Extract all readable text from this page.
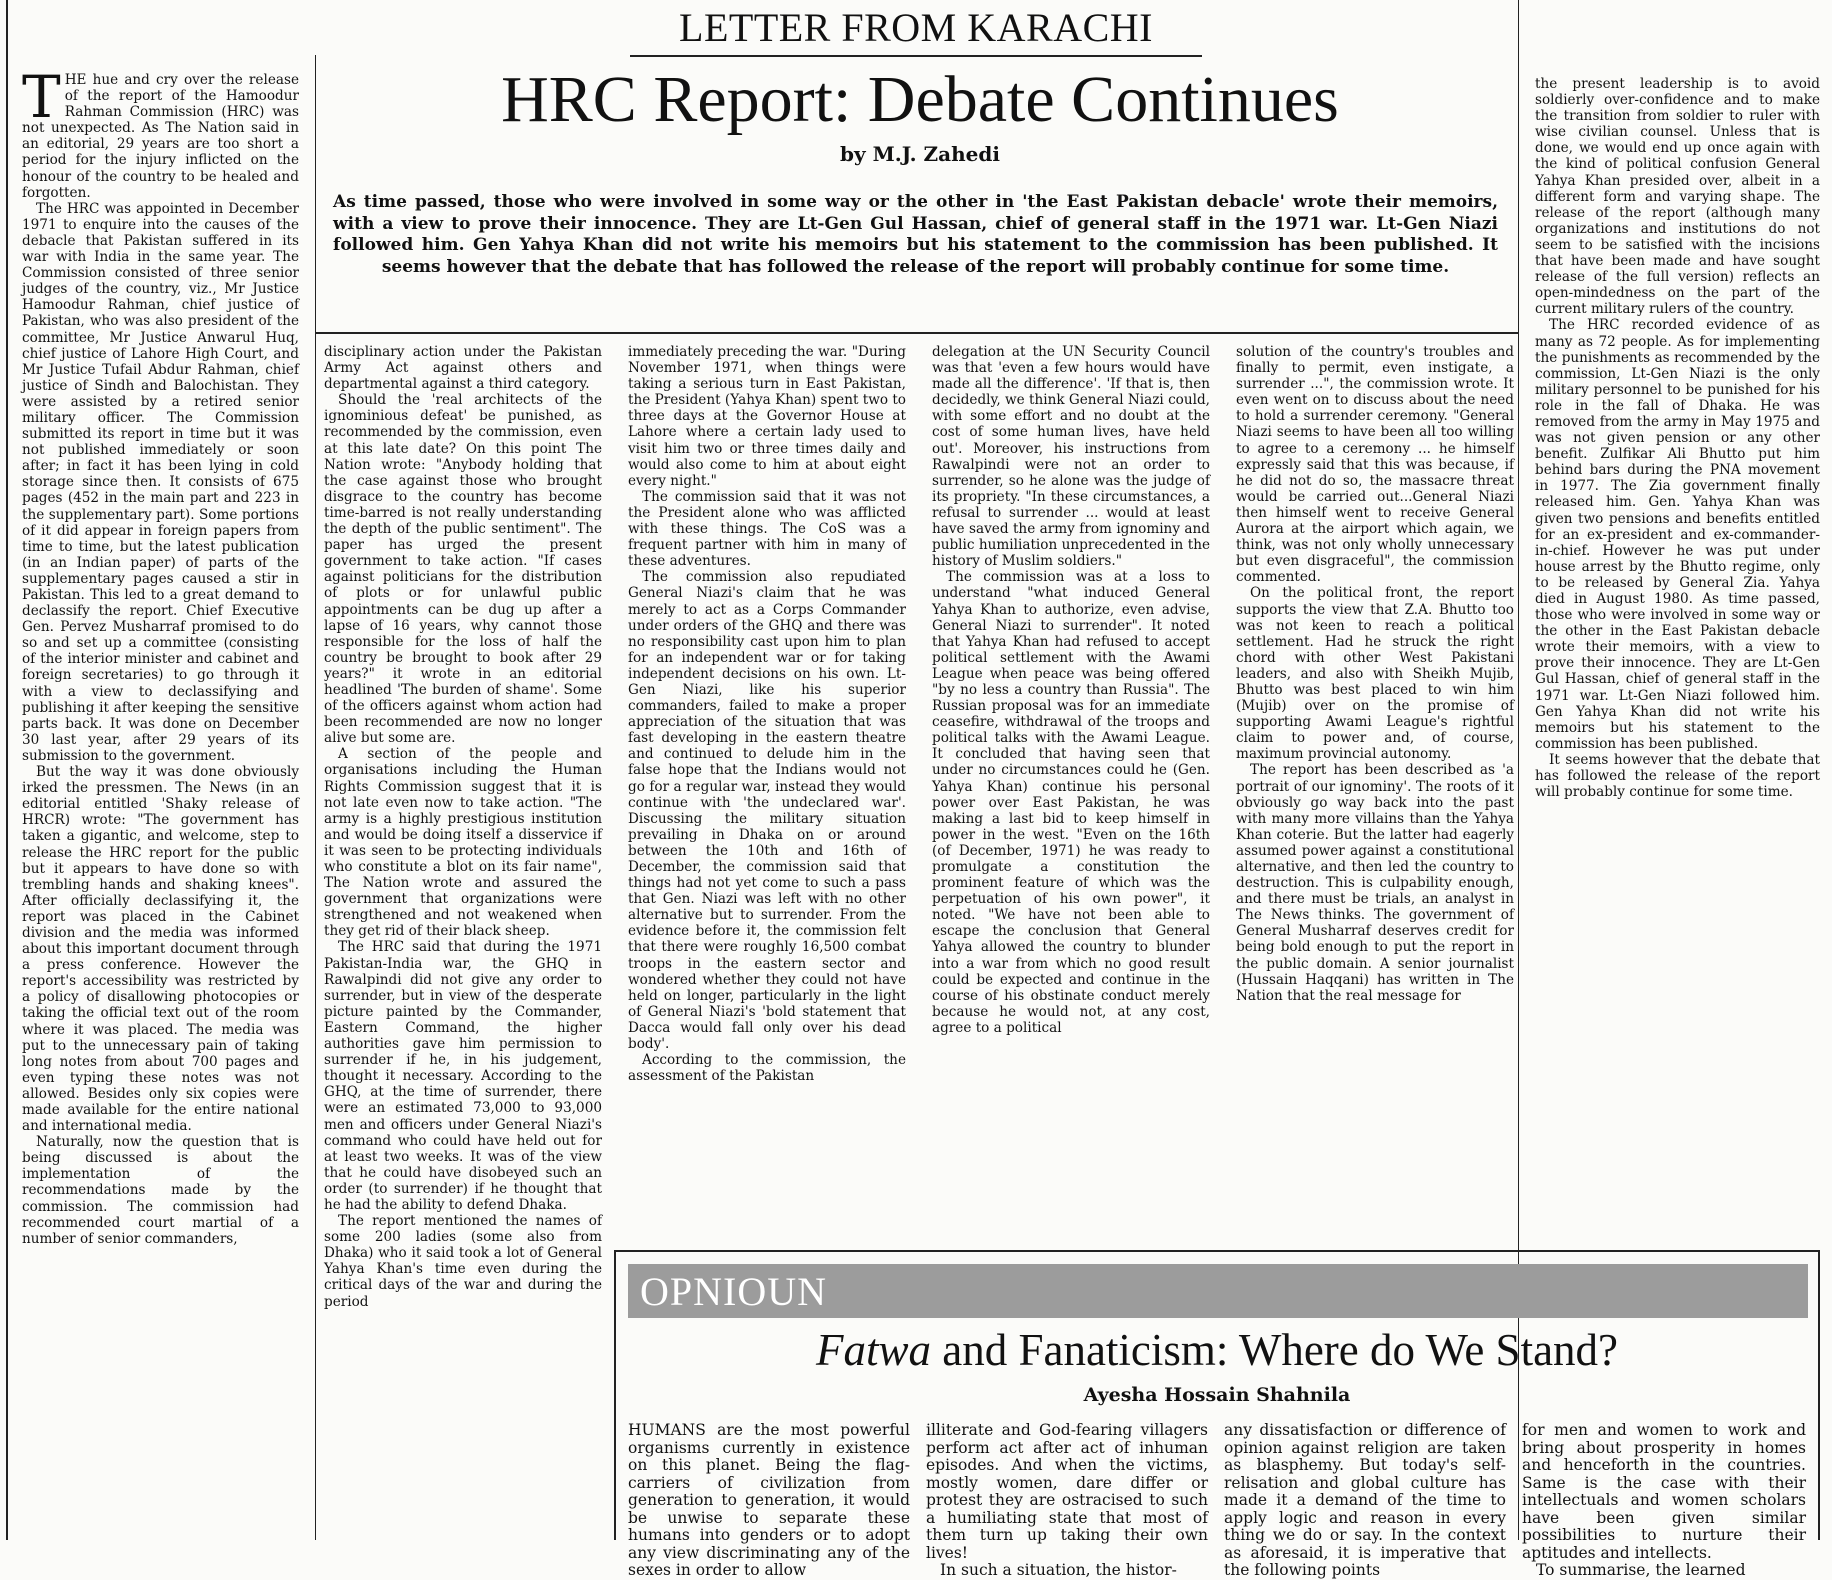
LETTER FROM KARACHI
HRC Report: Debate Continues
by M.J. Zahedi
As time passed, those who were involved in some way or the other in 'the East Pakistan debacle' wrote their memoirs, with a view to prove their innocence. They are Lt-Gen Gul Hassan, chief of general staff in the 1971 war. Lt-Gen Niazi followed him. Gen Yahya Khan did not write his memoirs but his statement to the commission has been published. It seems however that the debate that has followed the release of the report will probably continue for some time.

THE hue and cry over the release of the report of the Hamoodur Rahman Commission (HRC) was not unexpected. As The Nation said in an editorial, 29 years are too short a period for the injury inflicted on the honour of the country to be healed and forgotten.

The HRC was appointed in December 1971 to enquire into the causes of the debacle that Pakistan suffered in its war with India in the same year. The Commission consisted of three senior judges of the country, viz., Mr Justice Hamoodur Rahman, chief justice of Pakistan, who was also president of the committee, Mr Justice Anwarul Huq, chief justice of Lahore High Court, and Mr Justice Tufail Abdur Rahman, chief justice of Sindh and Balochistan. They were assisted by a retired senior military officer. The Commission submitted its report in time but it was not published immediately or soon after; in fact it has been lying in cold storage since then. It consists of 675 pages (452 in the main part and 223 in the supplementary part). Some portions of it did appear in foreign papers from time to time, but the latest publication (in an Indian paper) of parts of the supplementary pages caused a stir in Pakistan. This led to a great demand to declassify the report. Chief Executive Gen. Pervez Musharraf promised to do so and set up a committee (consisting of the interior minister and cabinet and foreign secretaries) to go through it with a view to declassifying and publishing it after keeping the sensitive parts back. It was done on December 30 last year, after 29 years of its submission to the government.

But the way it was done obviously irked the pressmen. The News (in an editorial entitled 'Shaky release of HRCR) wrote: "The government has taken a gigantic, and welcome, step to release the HRC report for the public but it appears to have done so with trembling hands and shaking knees". After officially declassifying it, the report was placed in the Cabinet division and the media was informed about this important document through a press conference. However the report's accessibility was restricted by a policy of disallowing photocopies or taking the official text out of the room where it was placed. The media was put to the unnecessary pain of taking long notes from about 700 pages and even typing these notes was not allowed. Besides only six copies were made available for the entire national and international media.

Naturally, now the question that is being discussed is about the implementation of the recommendations made by the commission. The commission had recommended court martial of a number of senior commanders,

disciplinary action under the Pakistan Army Act against others and departmental against a third category.

Should the 'real architects of the ignominious defeat' be punished, as recommended by the commission, even at this late date? On this point The Nation wrote: "Anybody holding that the case against those who brought disgrace to the country has become time-barred is not really understanding the depth of the public sentiment". The paper has urged the present government to take action. "If cases against politicians for the distribution of plots or for unlawful public appointments can be dug up after a lapse of 16 years, why cannot those responsible for the loss of half the country be brought to book after 29 years?" it wrote in an editorial headlined 'The burden of shame'. Some of the officers against whom action had been recommended are now no longer alive but some are.

A section of the people and organisations including the Human Rights Commission suggest that it is not late even now to take action. "The army is a highly prestigious institution and would be doing itself a disservice if it was seen to be protecting individuals who constitute a blot on its fair name", The Nation wrote and assured the government that organizations were strengthened and not weakened when they get rid of their black sheep.

The HRC said that during the 1971 Pakistan-India war, the GHQ in Rawalpindi did not give any order to surrender, but in view of the desperate picture painted by the Commander, Eastern Command, the higher authorities gave him permission to surrender if he, in his judgement, thought it necessary. According to the GHQ, at the time of surrender, there were an estimated 73,000 to 93,000 men and officers under General Niazi's command who could have held out for at least two weeks. It was of the view that he could have disobeyed such an order (to surrender) if he thought that he had the ability to defend Dhaka.

The report mentioned the names of some 200 ladies (some also from Dhaka) who it said took a lot of General Yahya Khan's time even during the critical days of the war and during the period

immediately preceding the war. "During November 1971, when things were taking a serious turn in East Pakistan, the President (Yahya Khan) spent two to three days at the Governor House at Lahore where a certain lady used to visit him two or three times daily and would also come to him at about eight every night."

The commission said that it was not the President alone who was afflicted with these things. The CoS was a frequent partner with him in many of these adventures.

The commission also repudiated General Niazi's claim that he was merely to act as a Corps Commander under orders of the GHQ and there was no responsibility cast upon him to plan for an independent war or for taking independent decisions on his own. Lt-Gen Niazi, like his superior commanders, failed to make a proper appreciation of the situation that was fast developing in the eastern theatre and continued to delude him in the false hope that the Indians would not go for a regular war, instead they would continue with 'the undeclared war'. Discussing the military situation prevailing in Dhaka on or around between the 10th and 16th of December, the commission said that things had not yet come to such a pass that Gen. Niazi was left with no other alternative but to surrender. From the evidence before it, the commission felt that there were roughly 16,500 combat troops in the eastern sector and wondered whether they could not have held on longer, particularly in the light of General Niazi's 'bold statement that Dacca would fall only over his dead body'.

According to the commission, the assessment of the Pakistan

delegation at the UN Security Council was that 'even a few hours would have made all the difference'. 'If that is, then decidedly, we think General Niazi could, with some effort and no doubt at the cost of some human lives, have held out'. Moreover, his instructions from Rawalpindi were not an order to surrender, so he alone was the judge of its propriety. "In these circumstances, a refusal to surrender ... would at least have saved the army from ignominy and public humiliation unprecedented in the history of Muslim soldiers."

The commission was at a loss to understand "what induced General Yahya Khan to authorize, even advise, General Niazi to surrender". It noted that Yahya Khan had refused to accept political settlement with the Awami League when peace was being offered "by no less a country than Russia". The Russian proposal was for an immediate ceasefire, withdrawal of the troops and political talks with the Awami League. It concluded that having seen that under no circumstances could he (Gen. Yahya Khan) continue his personal power over East Pakistan, he was making a last bid to keep himself in power in the west. "Even on the 16th (of December, 1971) he was ready to promulgate a constitution the prominent feature of which was the perpetuation of his own power", it noted. "We have not been able to escape the conclusion that General Yahya allowed the country to blunder into a war from which no good result could be expected and continue in the course of his obstinate conduct merely because he would not, at any cost, agree to a political

solution of the country's troubles and finally to permit, even instigate, a surrender ...", the commission wrote. It even went on to discuss about the need to hold a surrender ceremony. "General Niazi seems to have been all too willing to agree to a ceremony ... he himself expressly said that this was because, if he did not do so, the massacre threat would be carried out...General Niazi then himself went to receive General Aurora at the airport which again, we think, was not only wholly unnecessary but even disgraceful", the commission commented.

On the political front, the report supports the view that Z.A. Bhutto too was not keen to reach a political settlement. Had he struck the right chord with other West Pakistani leaders, and also with Sheikh Mujib, Bhutto was best placed to win him (Mujib) over on the promise of supporting Awami League's rightful claim to power and, of course, maximum provincial autonomy.

The report has been described as 'a portrait of our ignominy'. The roots of it obviously go way back into the past with many more villains than the Yahya Khan coterie. But the latter had eagerly assumed power against a constitutional alternative, and then led the country to destruction. This is culpability enough, and there must be trials, an analyst in The News thinks. The government of General Musharraf deserves credit for being bold enough to put the report in the public domain. A senior journalist (Hussain Haqqani) has written in The Nation that the real message for

the present leadership is to avoid soldierly over-confidence and to make the transition from soldier to ruler with wise civilian counsel. Unless that is done, we would end up once again with the kind of political confusion General Yahya Khan presided over, albeit in a different form and varying shape. The release of the report (although many organizations and institutions do not seem to be satisfied with the incisions that have been made and have sought release of the full version) reflects an open-mindedness on the part of the current military rulers of the country.

The HRC recorded evidence of as many as 72 people. As for implementing the punishments as recommended by the commission, Lt-Gen Niazi is the only military personnel to be punished for his role in the fall of Dhaka. He was removed from the army in May 1975 and was not given pension or any other benefit. Zulfikar Ali Bhutto put him behind bars during the PNA movement in 1977. The Zia government finally released him. Gen. Yahya Khan was given two pensions and benefits entitled for an ex-president and ex-commander-in-chief. However he was put under house arrest by the Bhutto regime, only to be released by General Zia. Yahya died in August 1980. As time passed, those who were involved in some way or the other in the East Pakistan debacle wrote their memoirs, with a view to prove their innocence. They are Lt-Gen Gul Hassan, chief of general staff in the 1971 war. Lt-Gen Niazi followed him. Gen Yahya Khan did not write his memoirs but his statement to the commission has been published.

It seems however that the debate that has followed the release of the report will probably continue for some time.

OPNIOUN
Fatwa and Fanaticism: Where do We Stand?
Ayesha Hossain Shahnila

HUMANS are the most powerful organisms currently in existence on this planet. Being the flag-carriers of civilization from generation to generation, it would be unwise to separate these humans into genders or to adopt any view discriminating any of the sexes in order to allow

illiterate and God-fearing villagers perform act after act of inhuman episodes. And when the victims, mostly women, dare differ or protest they are ostracised to such a humiliating state that most of them turn up taking their own lives!

In such a situation, the histor-

any dissatisfaction or difference of opinion against religion are taken as blasphemy. But today's self-relisation and global culture has made it a demand of the time to apply logic and reason in every thing we do or say. In the context as aforesaid, it is imperative that the following points

for men and women to work and bring about prosperity in homes and henceforth in the countries. Same is the case with their intellectuals and women scholars have been given similar possibilities to nurture their aptitudes and intellects.

To summarise, the learned
